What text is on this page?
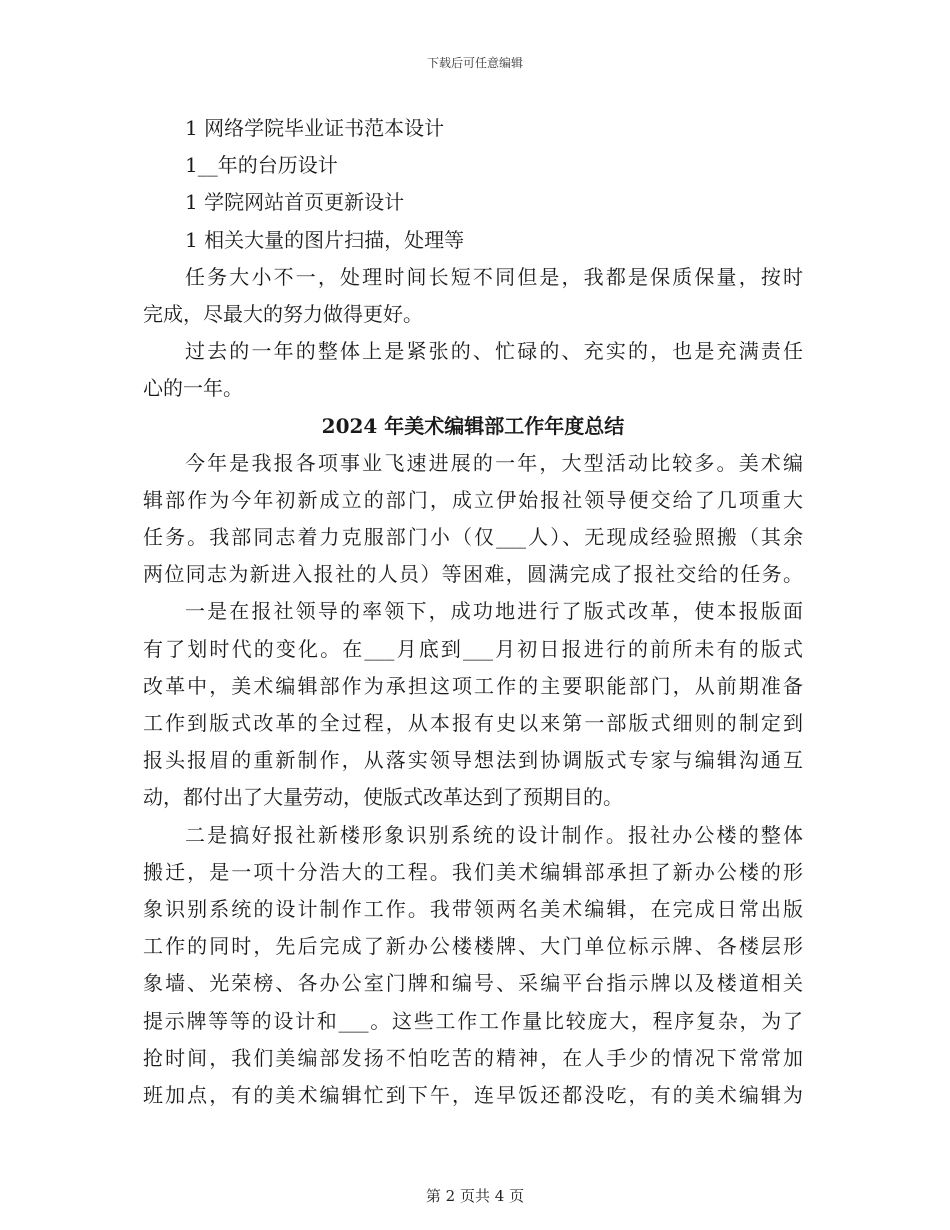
下载后可任意编辑
1 网络学院毕业证书范本设计
1__年的台历设计
1 学院网站首页更新设计
1 相关大量的图片扫描，处理等
任务大小不一，处理时间长短不同但是，我都是保质保量，按时
完成，尽最大的努力做得更好。
过去的一年的整体上是紧张的、忙碌的、充实的，也是充满责任
心的一年。
2024 年美术编辑部工作年度总结
今年是我报各项事业飞速进展的一年，大型活动比较多。美术编
辑部作为今年初新成立的部门，成立伊始报社领导便交给了几项重大
任务。我部同志着力克服部门小（仅___人）、无现成经验照搬（其余
两位同志为新进入报社的人员）等困难，圆满完成了报社交给的任务。
一是在报社领导的率领下，成功地进行了版式改革，使本报版面
有了划时代的变化。在___月底到___月初日报进行的前所未有的版式
改革中，美术编辑部作为承担这项工作的主要职能部门，从前期准备
工作到版式改革的全过程，从本报有史以来第一部版式细则的制定到
报头报眉的重新制作，从落实领导想法到协调版式专家与编辑沟通互
动，都付出了大量劳动，使版式改革达到了预期目的。
二是搞好报社新楼形象识别系统的设计制作。报社办公楼的整体
搬迁，是一项十分浩大的工程。我们美术编辑部承担了新办公楼的形
象识别系统的设计制作工作。我带领两名美术编辑，在完成日常出版
工作的同时，先后完成了新办公楼楼牌、大门单位标示牌、各楼层形
象墙、光荣榜、各办公室门牌和编号、采编平台指示牌以及楼道相关
提示牌等等的设计和___。这些工作工作量比较庞大，程序复杂，为了
抢时间，我们美编部发扬不怕吃苦的精神，在人手少的情况下常常加
班加点，有的美术编辑忙到下午，连早饭还都没吃，有的美术编辑为
第 2 页共 4 页
